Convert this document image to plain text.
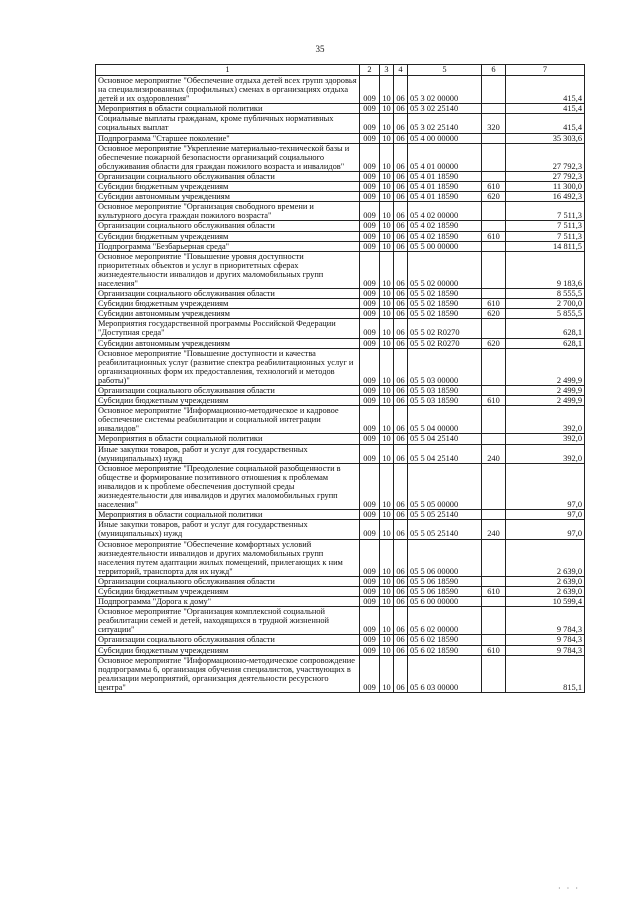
35
1	2	3	4	5	6	7
Основное мероприятие "Обеспечение отдыха детей всех групп здоровья на специализированных (профильных) сменах в организациях отдыха детей и их оздоровления"	009	10	06	05 3 02 00000		415,4
Мероприятия в области социальной политики	009	10	06	05 3 02 25140		415,4
Социальные выплаты гражданам, кроме публичных нормативных социальных выплат	009	10	06	05 3 02 25140	320	415,4
Подпрограмма "Старшее поколение"	009	10	06	05 4 00 00000		35 303,6
Основное мероприятие "Укрепление материально-технической базы и обеспечение пожарной безопасности организаций социального обслуживания области для граждан пожилого возраста и инвалидов"	009	10	06	05 4 01 00000		27 792,3
Организации социального обслуживания области	009	10	06	05 4 01 18590		27 792,3
Субсидии бюджетным учреждениям	009	10	06	05 4 01 18590	610	11 300,0
Субсидии автономным учреждениям	009	10	06	05 4 01 18590	620	16 492,3
Основное мероприятие "Организация свободного времени и культурного досуга граждан пожилого возраста"	009	10	06	05 4 02 00000		7 511,3
Организации социального обслуживания области	009	10	06	05 4 02 18590		7 511,3
Субсидии бюджетным учреждениям	009	10	06	05 4 02 18590	610	7 511,3
Подпрограмма "Безбарьерная среда"	009	10	06	05 5 00 00000		14 811,5
Основное мероприятие "Повышение уровня доступности приоритетных объектов и услуг в приоритетных сферах жизнедеятельности инвалидов и других маломобильных групп населения"	009	10	06	05 5 02 00000		9 183,6
Организации социального обслуживания области	009	10	06	05 5 02 18590		8 555,5
Субсидии бюджетным учреждениям	009	10	06	05 5 02 18590	610	2 700,0
Субсидии автономным учреждениям	009	10	06	05 5 02 18590	620	5 855,5
Мероприятия государственной программы Российской Федерации "Доступная среда"	009	10	06	05 5 02 R0270		628,1
Субсидии автономным учреждениям	009	10	06	05 5 02 R0270	620	628,1
Основное мероприятие "Повышение доступности и качества реабилитационных услуг (развитие спектра реабилитационных услуг и организационных форм их предоставления, технологий и методов работы)"	009	10	06	05 5 03 00000		2 499,9
Организации социального обслуживания области	009	10	06	05 5 03 18590		2 499,9
Субсидии бюджетным учреждениям	009	10	06	05 5 03 18590	610	2 499,9
Основное мероприятие "Информационно-методическое и кадровое обеспечение системы реабилитации и социальной интеграции инвалидов"	009	10	06	05 5 04 00000		392,0
Мероприятия в области социальной политики	009	10	06	05 5 04 25140		392,0
Иные закупки товаров, работ и услуг для государственных (муниципальных) нужд	009	10	06	05 5 04 25140	240	392,0
Основное мероприятие "Преодоление социальной разобщенности в обществе и формирование позитивного отношения к проблемам инвалидов и к проблеме обеспечения доступной среды жизнедеятельности для инвалидов и других маломобильных групп населения"	009	10	06	05 5 05 00000		97,0
Мероприятия в области социальной политики	009	10	06	05 5 05 25140		97,0
Иные закупки товаров, работ и услуг для государственных (муниципальных) нужд	009	10	06	05 5 05 25140	240	97,0
Основное мероприятие "Обеспечение комфортных условий жизнедеятельности инвалидов и других маломобильных групп населения путем адаптации жилых помещений, прилегающих к ним территорий, транспорта для их нужд"	009	10	06	05 5 06 00000		2 639,0
Организации социального обслуживания области	009	10	06	05 5 06 18590		2 639,0
Субсидии бюджетным учреждениям	009	10	06	05 5 06 18590	610	2 639,0
Подпрограмма "Дорога к дому"	009	10	06	05 6 00 00000		10 599,4
Основное мероприятие "Организация комплексной социальной реабилитации семей и детей, находящихся в трудной жизненной ситуации"	009	10	06	05 6 02 00000		9 784,3
Организации социального обслуживания области	009	10	06	05 6 02 18590		9 784,3
Субсидии бюджетным учреждениям	009	10	06	05 6 02 18590	610	9 784,3
Основное мероприятие "Информационно-методическое сопровождение подпрограммы 6, организация обучения специалистов, участвующих в реализации мероприятий, организация деятельности ресурсного центра"	009	10	06	05 6 03 00000		815,1
· · ·
